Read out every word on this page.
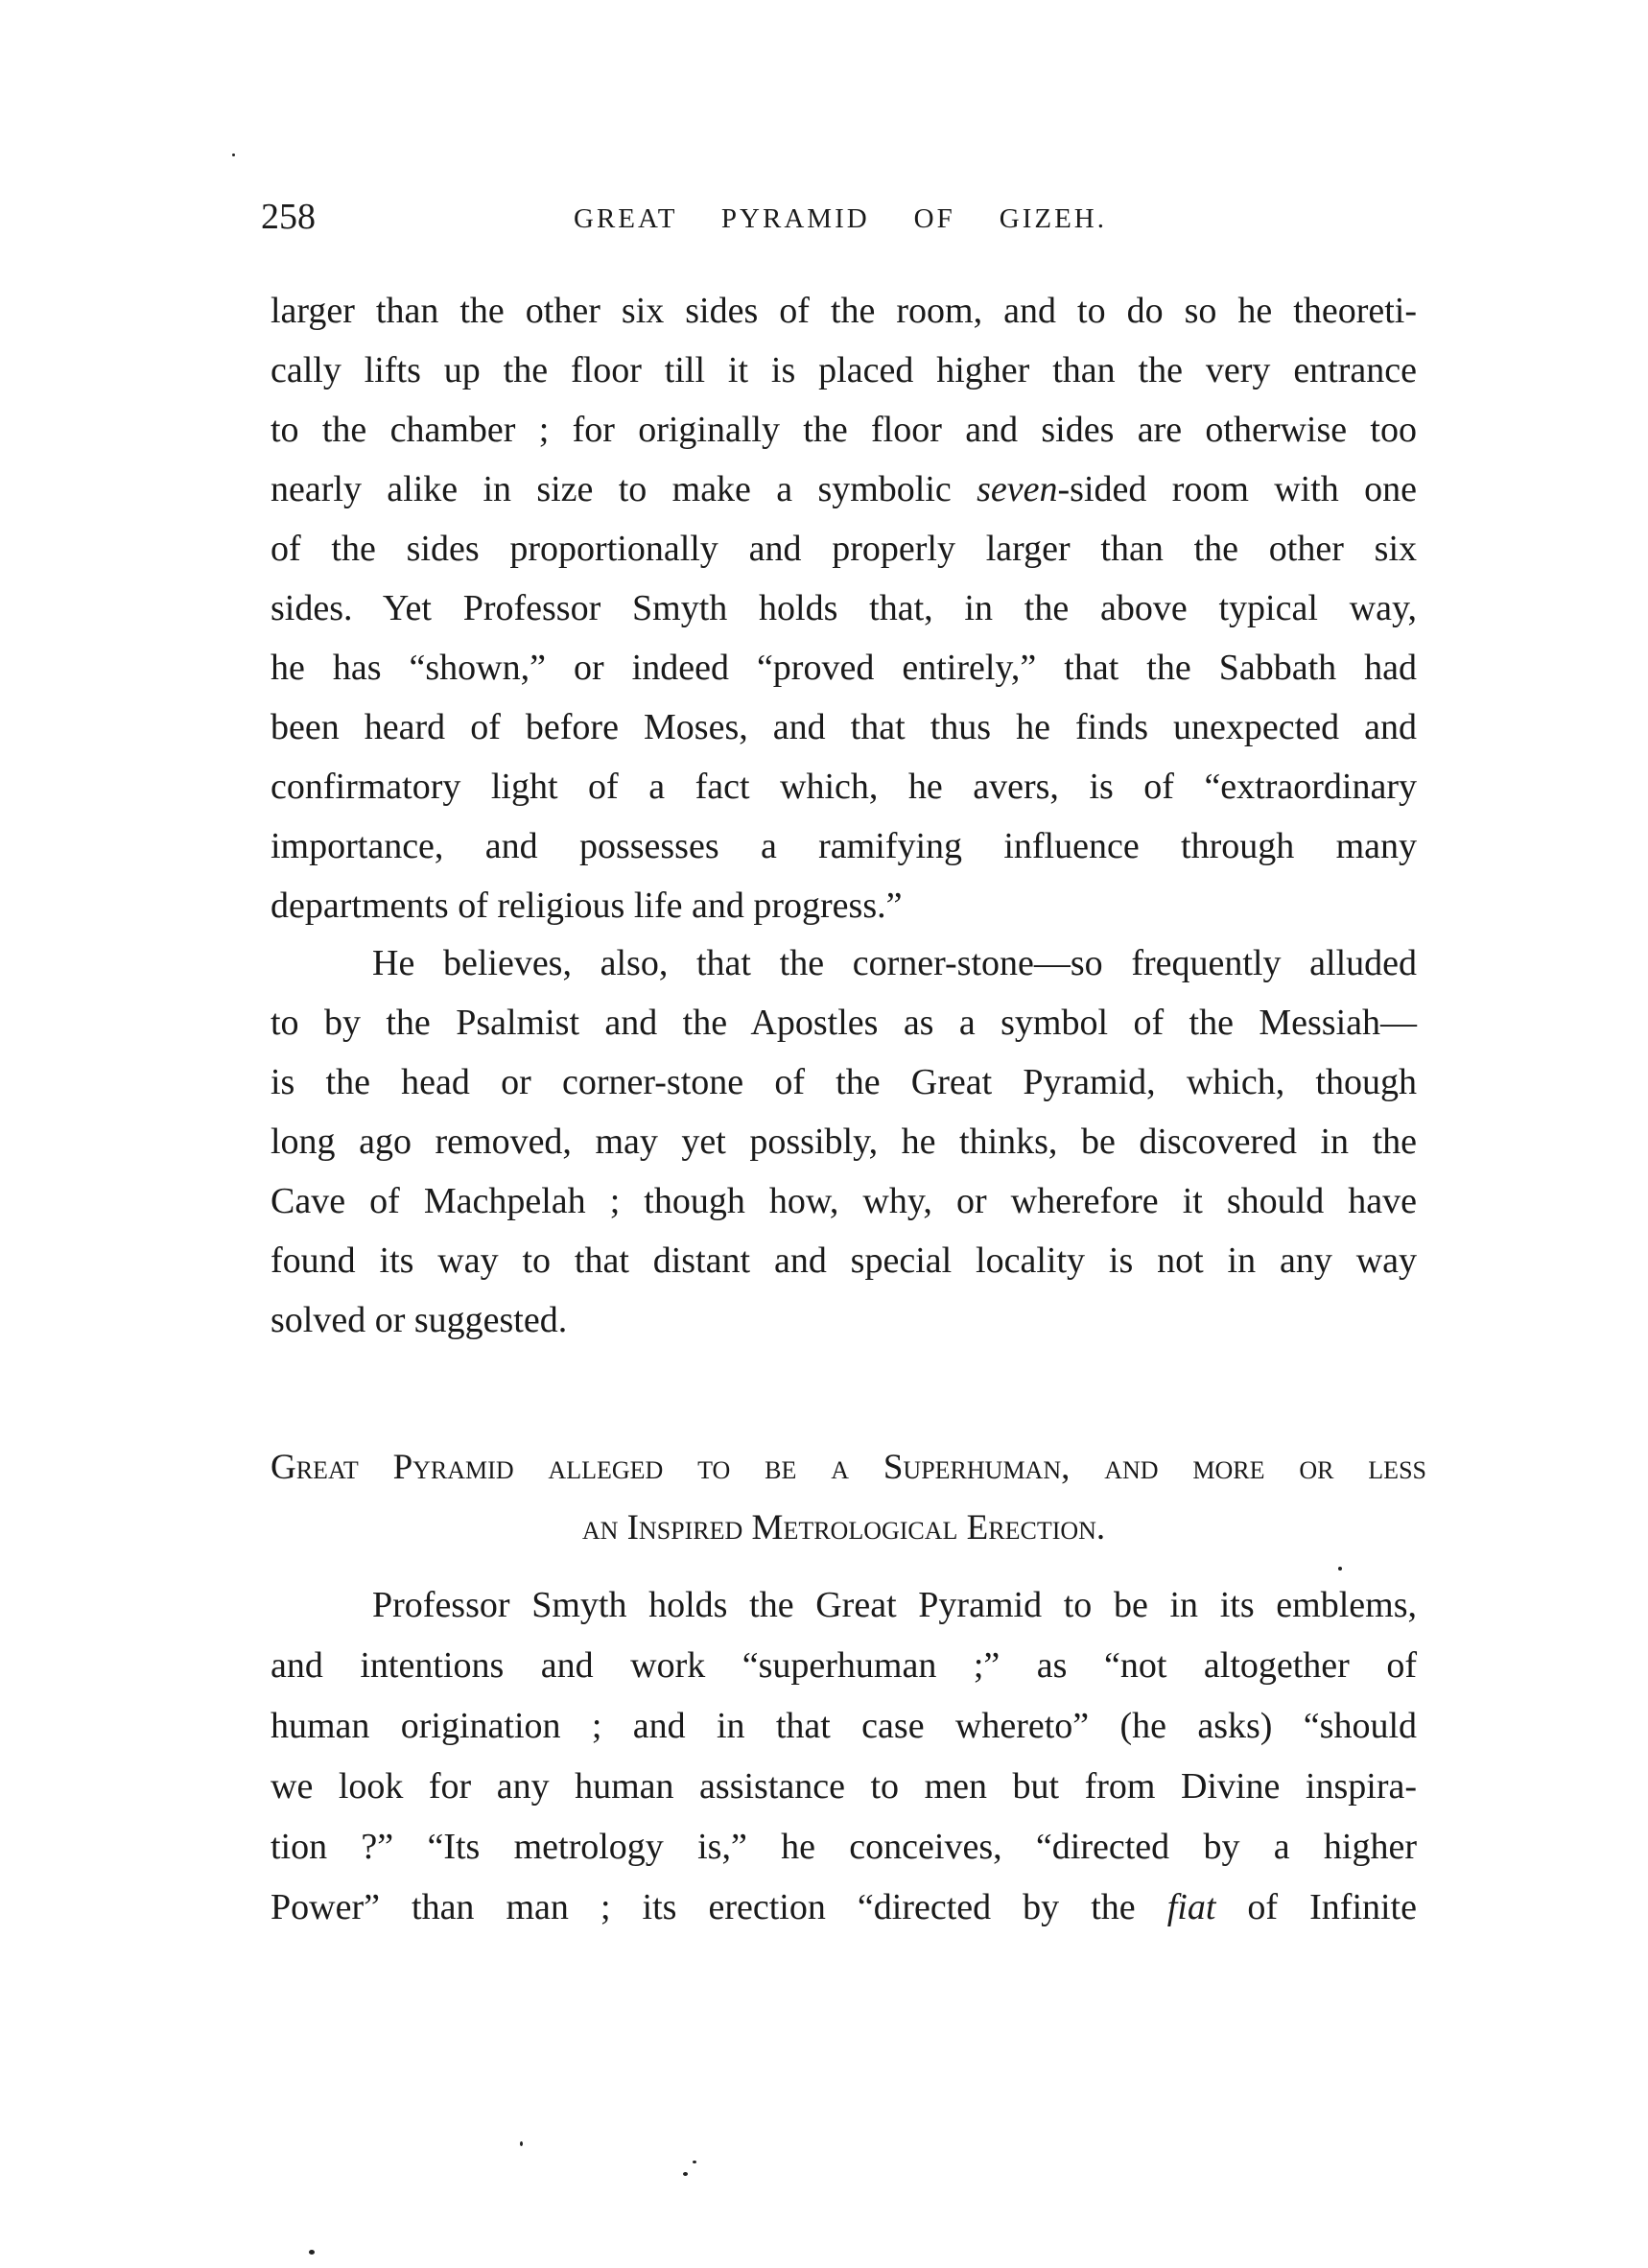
258	GREAT PYRAMID OF GIZEH.
larger than the other six sides of the room, and to do so he theoreti-
cally lifts up the floor till it is placed higher than the very entrance
to the chamber ; for originally the floor and sides are otherwise too
nearly alike in size to make a symbolic seven-sided room with one
of the sides proportionally and properly larger than the other six
sides. Yet Professor Smyth holds that, in the above typical way,
he has “shown,” or indeed “proved entirely,” that the Sabbath had
been heard of before Moses, and that thus he finds unexpected and
confirmatory light of a fact which, he avers, is of “extraordinary
importance, and possesses a ramifying influence through many
departments of religious life and progress.”
He believes, also, that the corner-stone—so frequently alluded
to by the Psalmist and the Apostles as a symbol of the Messiah—
is the head or corner-stone of the Great Pyramid, which, though
long ago removed, may yet possibly, he thinks, be discovered in the
Cave of Machpelah ; though how, why, or wherefore it should have
found its way to that distant and special locality is not in any way
solved or suggested.
Great Pyramid alleged to be a Superhuman, and more or less
an Inspired Metrological Erection.
Professor Smyth holds the Great Pyramid to be in its emblems,
and intentions and work “superhuman ;” as “not altogether of
human origination ; and in that case whereto” (he asks) “should
we look for any human assistance to men but from Divine inspira-
tion ?” “Its metrology is,” he conceives, “directed by a higher
Power” than man ; its erection “directed by the fiat of Infinite
